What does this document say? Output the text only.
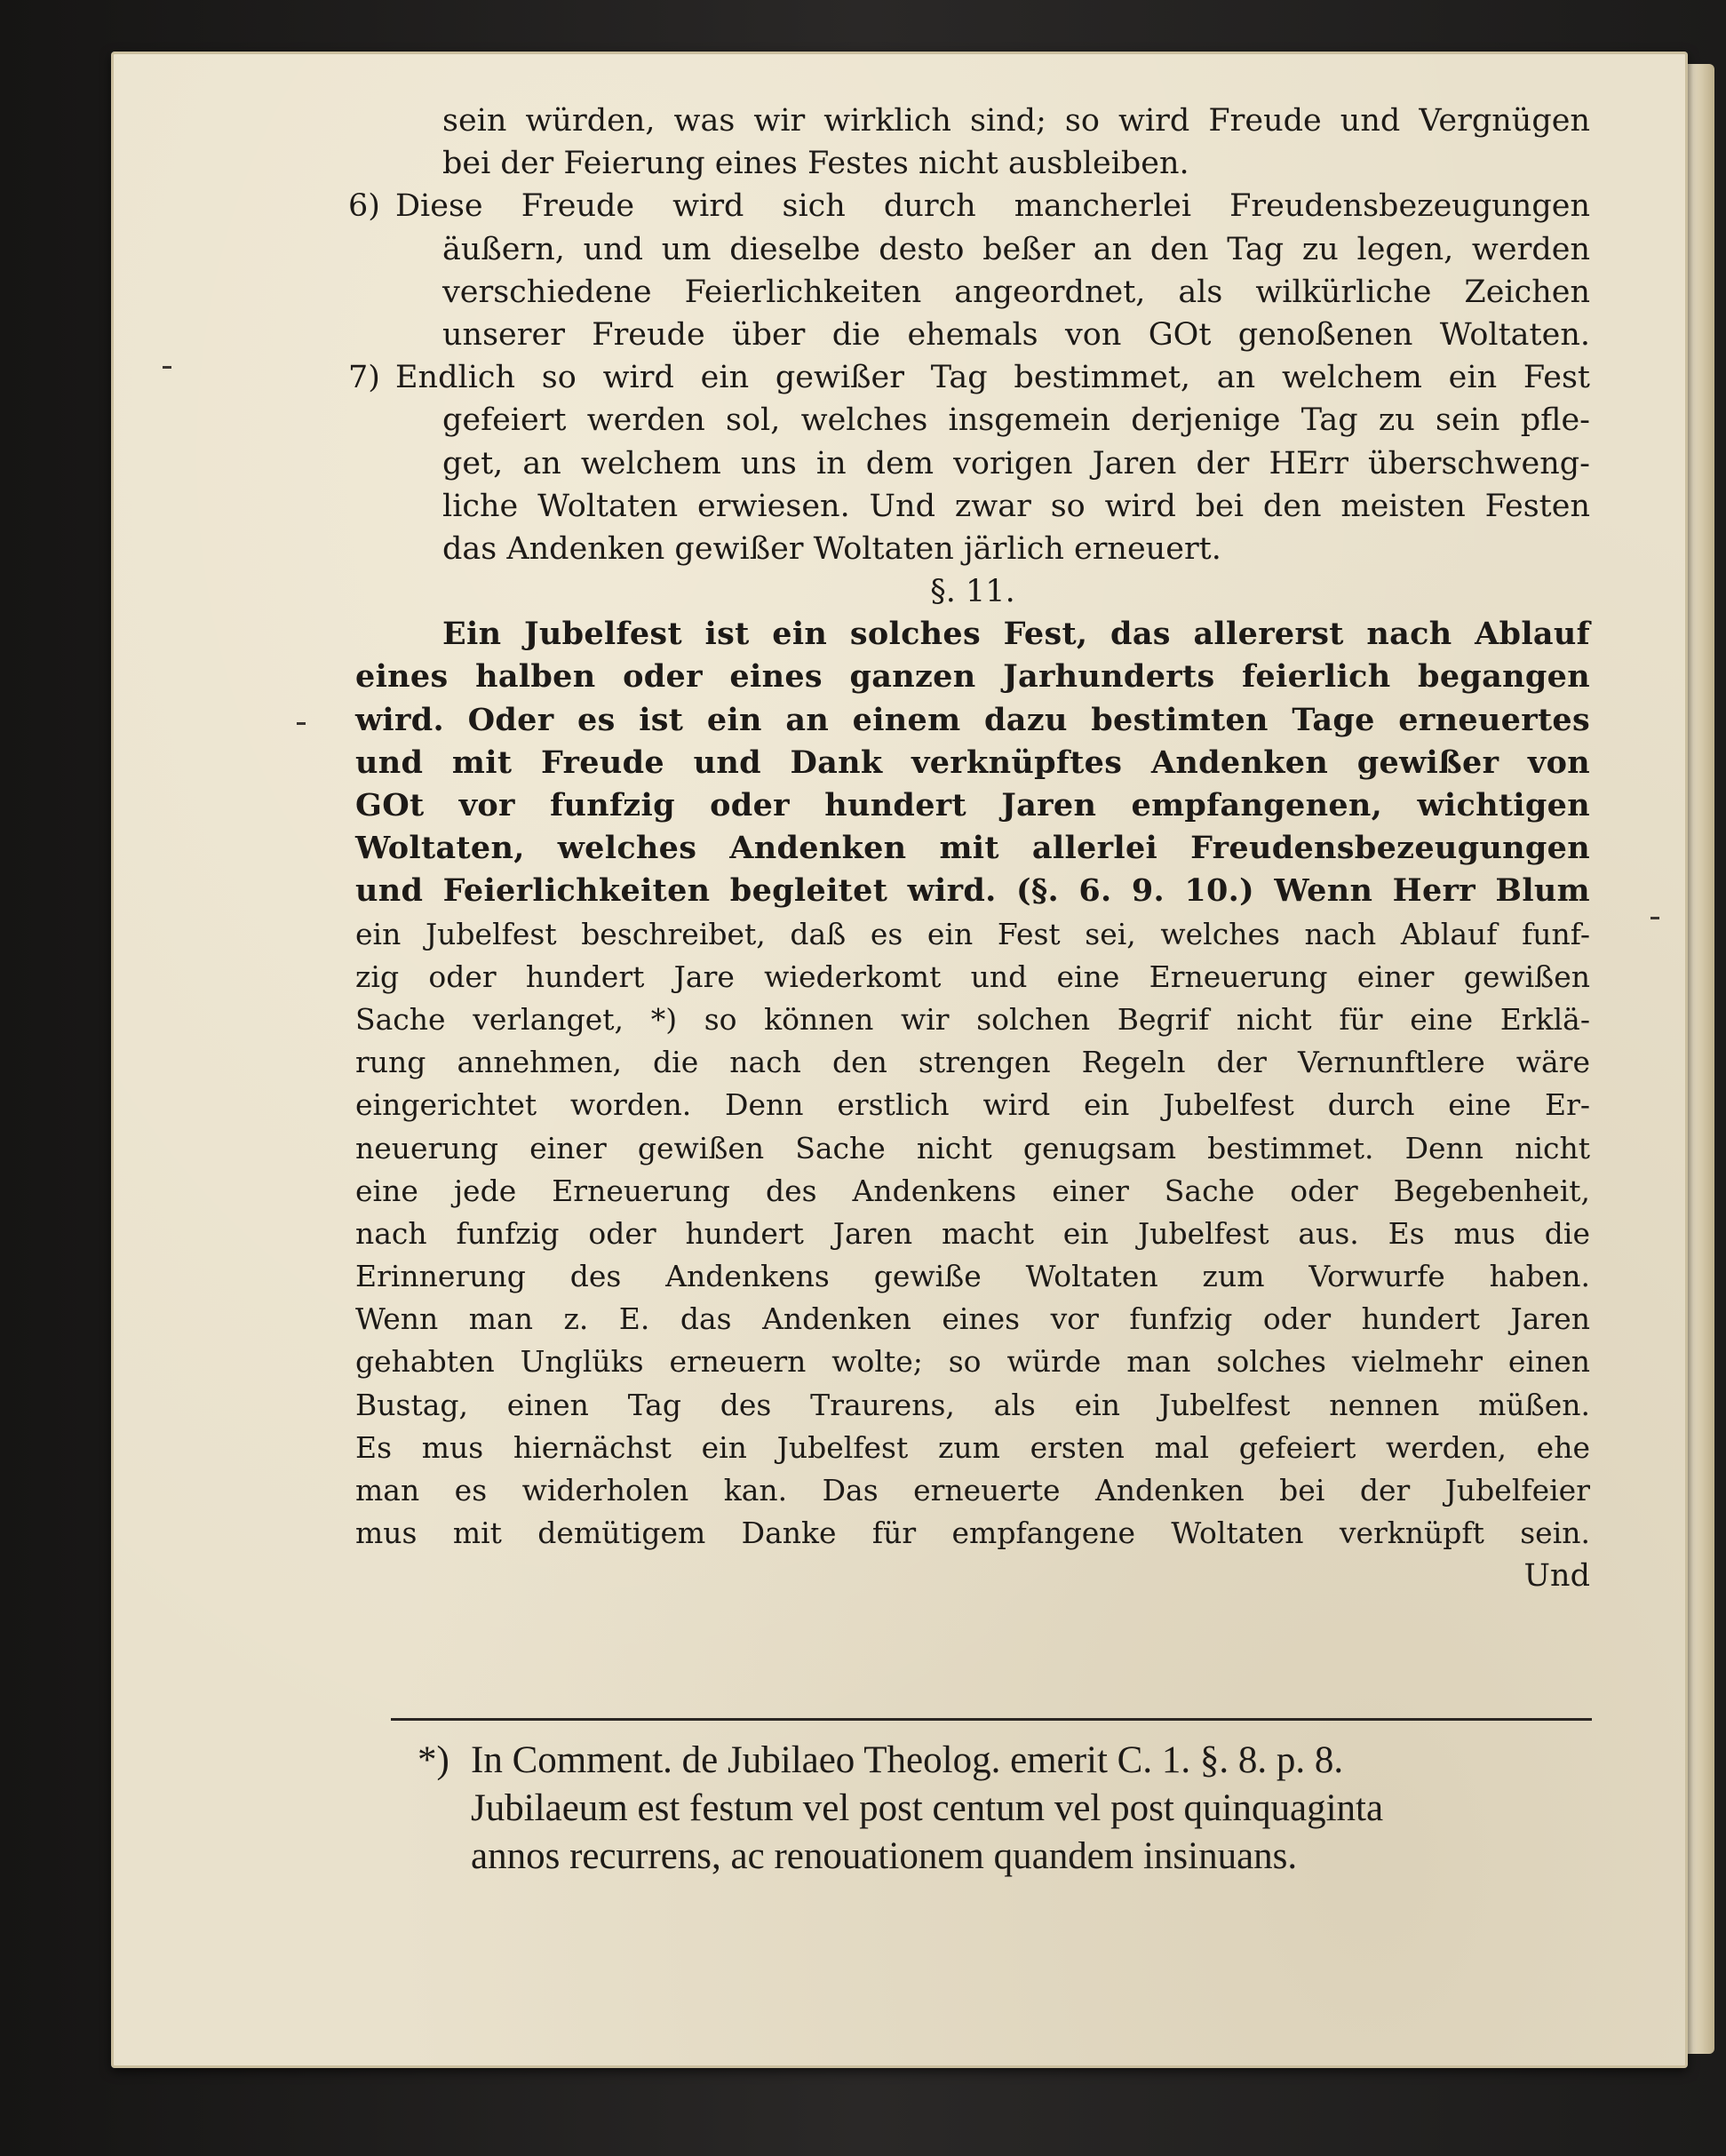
sein würden, was wir wirklich sind; so wird Freude und Vergnügen
bei der Feierung eines Festes nicht ausbleiben.
6) Diese Freude wird sich durch mancherlei Freudensbezeugungen
äußern, und um dieselbe desto beßer an den Tag zu legen, werden
verschiedene Feierlichkeiten angeordnet, als wilkürliche Zeichen
unserer Freude über die ehemals von GOt genoßenen Woltaten.
7) Endlich so wird ein gewißer Tag bestimmet, an welchem ein Fest
gefeiert werden sol, welches insgemein derjenige Tag zu sein pfle-
get, an welchem uns in dem vorigen Jaren der HErr überschweng-
liche Woltaten erwiesen. Und zwar so wird bei den meisten Festen
das Andenken gewißer Woltaten järlich erneuert.
§. 11.
Ein Jubelfest ist ein solches Fest, das allererst nach Ablauf
eines halben oder eines ganzen Jarhunderts feierlich begangen
wird. Oder es ist ein an einem dazu bestimten Tage erneuertes
und mit Freude und Dank verknüpftes Andenken gewißer von
GOt vor funfzig oder hundert Jaren empfangenen, wichtigen
Woltaten, welches Andenken mit allerlei Freudensbezeugungen
und Feierlichkeiten begleitet wird. (§. 6. 9. 10.) Wenn Herr Blum
ein Jubelfest beschreibet, daß es ein Fest sei, welches nach Ablauf funf-
zig oder hundert Jare wiederkomt und eine Erneuerung einer gewißen
Sache verlanget, *) so können wir solchen Begrif nicht für eine Erklä-
rung annehmen, die nach den strengen Regeln der Vernunftlere wäre
eingerichtet worden. Denn erstlich wird ein Jubelfest durch eine Er-
neuerung einer gewißen Sache nicht genugsam bestimmet. Denn nicht
eine jede Erneuerung des Andenkens einer Sache oder Begebenheit,
nach funfzig oder hundert Jaren macht ein Jubelfest aus. Es mus die
Erinnerung des Andenkens gewiße Woltaten zum Vorwurfe haben.
Wenn man z. E. das Andenken eines vor funfzig oder hundert Jaren
gehabten Unglüks erneuern wolte; so würde man solches vielmehr einen
Bustag, einen Tag des Traurens, als ein Jubelfest nennen müßen.
Es mus hiernächst ein Jubelfest zum ersten mal gefeiert werden, ehe
man es widerholen kan. Das erneuerte Andenken bei der Jubelfeier
mus mit demütigem Danke für empfangene Woltaten verknüpft sein.
Und
*) In Comment. de Jubilaeo Theolog. emerit C. 1. §. 8. p. 8.
Jubilaeum est festum vel post centum vel post quinquaginta
annos recurrens, ac renouationem quandem insinuans.
